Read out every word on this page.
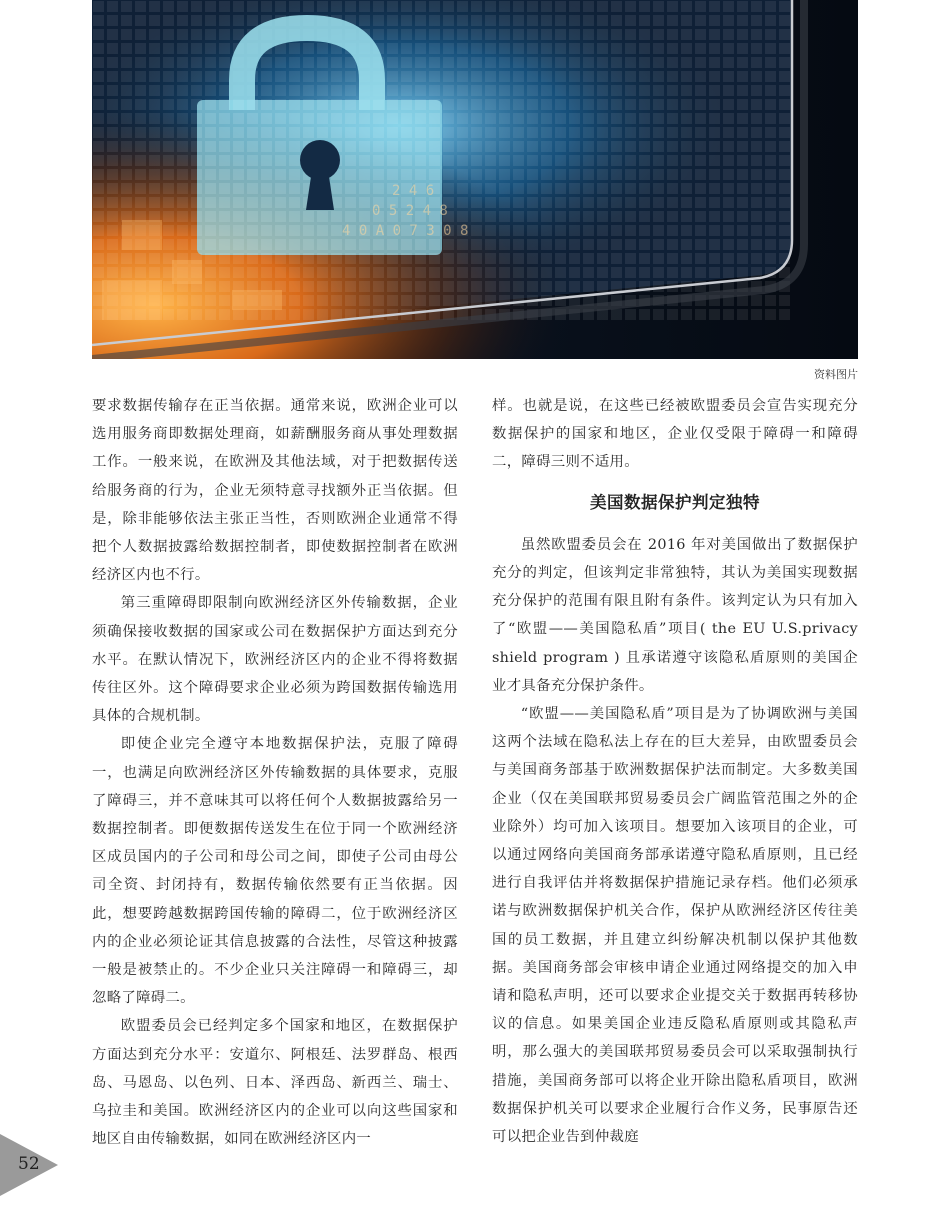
4 0 A 0 7 3 0 8
2 4 6
0 5 2 4 8
资料图片

要求数据传输存在正当依据。通常来说，欧洲企业可以选用服务商即数据处理商，如薪酬服务商从事处理数据工作。一般来说，在欧洲及其他法域，对于把数据传送给服务商的行为，企业无须特意寻找额外正当依据。但是，除非能够依法主张正当性，否则欧洲企业通常不得把个人数据披露给数据控制者，即使数据控制者在欧洲经济区内也不行。

第三重障碍即限制向欧洲经济区外传输数据，企业须确保接收数据的国家或公司在数据保护方面达到充分水平。在默认情况下，欧洲经济区内的企业不得将数据传往区外。这个障碍要求企业必须为跨国数据传输选用具体的合规机制。

即使企业完全遵守本地数据保护法，克服了障碍一，也满足向欧洲经济区外传输数据的具体要求，克服了障碍三，并不意味其可以将任何个人数据披露给另一数据控制者。即便数据传送发生在位于同一个欧洲经济区成员国内的子公司和母公司之间，即使子公司由母公司全资、封闭持有，数据传输依然要有正当依据。因此，想要跨越数据跨国传输的障碍二，位于欧洲经济区内的企业必须论证其信息披露的合法性，尽管这种披露一般是被禁止的。不少企业只关注障碍一和障碍三，却忽略了障碍二。

欧盟委员会已经判定多个国家和地区，在数据保护方面达到充分水平：安道尔、阿根廷、法罗群岛、根西岛、马恩岛、以色列、日本、泽西岛、新西兰、瑞士、乌拉圭和美国。欧洲经济区内的企业可以向这些国家和地区自由传输数据，如同在欧洲经济区内一

样。也就是说，在这些已经被欧盟委员会宣告实现充分数据保护的国家和地区，企业仅受限于障碍一和障碍二，障碍三则不适用。

美国数据保护判定独特

虽然欧盟委员会在 2016 年对美国做出了数据保护充分的判定，但该判定非常独特，其认为美国实现数据充分保护的范围有限且附有条件。该判定认为只有加入了“欧盟——美国隐私盾”项目( the EU U.S.privacy shield program ) 且承诺遵守该隐私盾原则的美国企业才具备充分保护条件。

“欧盟——美国隐私盾”项目是为了协调欧洲与美国这两个法域在隐私法上存在的巨大差异，由欧盟委员会与美国商务部基于欧洲数据保护法而制定。大多数美国企业（仅在美国联邦贸易委员会广阔监管范围之外的企业除外）均可加入该项目。想要加入该项目的企业，可以通过网络向美国商务部承诺遵守隐私盾原则，且已经进行自我评估并将数据保护措施记录存档。他们必须承诺与欧洲数据保护机关合作，保护从欧洲经济区传往美国的员工数据，并且建立纠纷解决机制以保护其他数据。美国商务部会审核申请企业通过网络提交的加入申请和隐私声明，还可以要求企业提交关于数据再转移协议的信息。如果美国企业违反隐私盾原则或其隐私声明，那么强大的美国联邦贸易委员会可以采取强制执行措施，美国商务部可以将企业开除出隐私盾项目，欧洲数据保护机关可以要求企业履行合作义务，民事原告还可以把企业告到仲裁庭

52
